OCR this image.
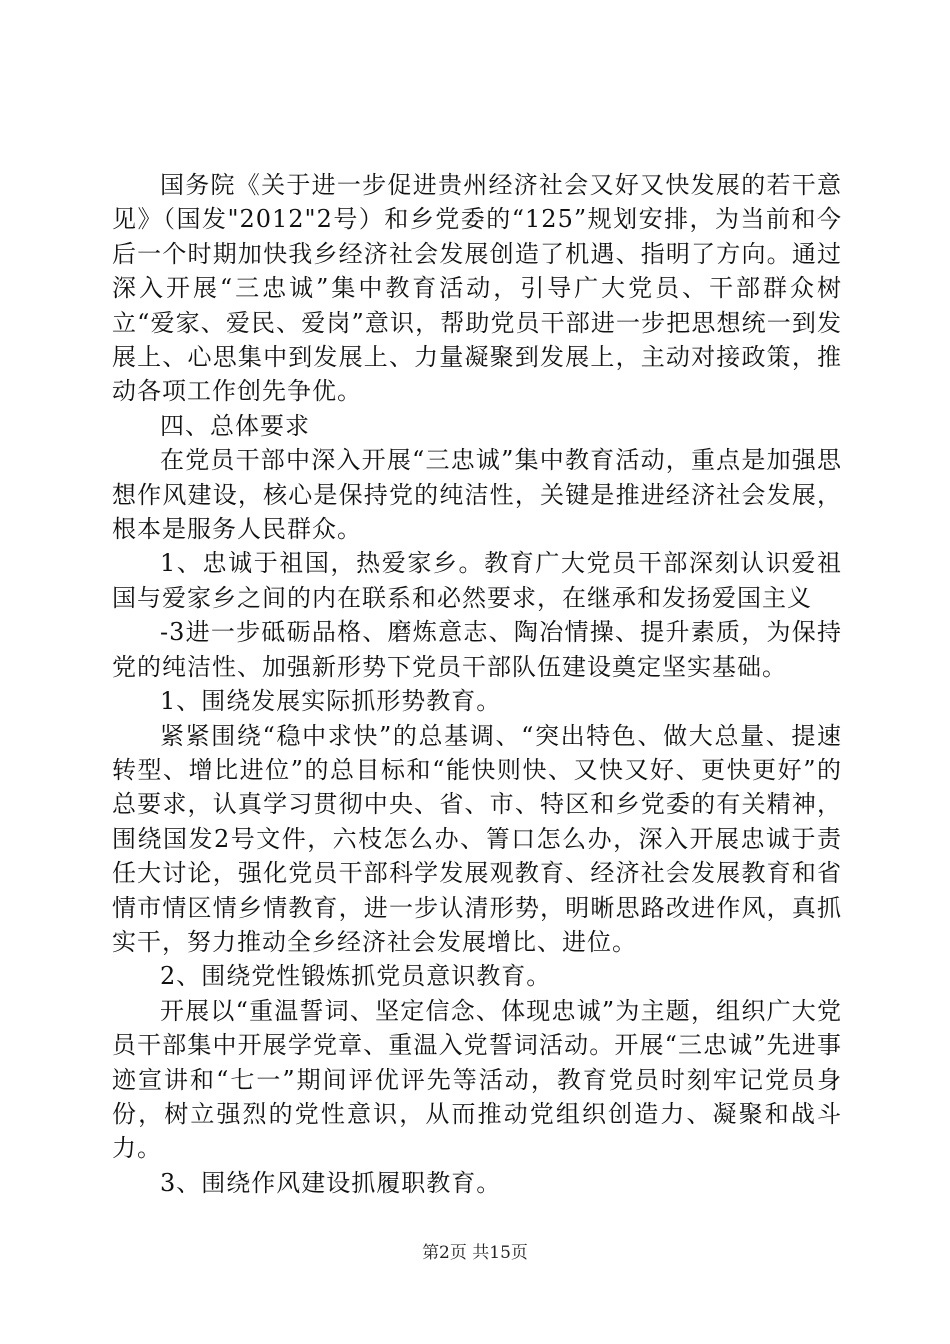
国务院《关于进一步促进贵州经济社会又好又快发展的若干意见》（国发"2012"2号）和乡党委的“125”规划安排，为当前和今后一个时期加快我乡经济社会发展创造了机遇、指明了方向。通过深入开展“三忠诚”集中教育活动，引导广大党员、干部群众树立“爱家、爱民、爱岗”意识，帮助党员干部进一步把思想统一到发展上、心思集中到发展上、力量凝聚到发展上，主动对接政策，推动各项工作创先争优。

四、总体要求

在党员干部中深入开展“三忠诚”集中教育活动，重点是加强思想作风建设，核心是保持党的纯洁性，关键是推进经济社会发展，根本是服务人民群众。

1、忠诚于祖国，热爱家乡。教育广大党员干部深刻认识爱祖国与爱家乡之间的内在联系和必然要求，在继承和发扬爱国主义

-3进一步砥砺品格、磨炼意志、陶冶情操、提升素质，为保持党的纯洁性、加强新形势下党员干部队伍建设奠定坚实基础。

1、围绕发展实际抓形势教育。

紧紧围绕“稳中求快”的总基调、“突出特色、做大总量、提速转型、增比进位”的总目标和“能快则快、又快又好、更快更好”的总要求，认真学习贯彻中央、省、市、特区和乡党委的有关精神，围绕国发2号文件，六枝怎么办、箐口怎么办，深入开展忠诚于责任大讨论，强化党员干部科学发展观教育、经济社会发展教育和省情市情区情乡情教育，进一步认清形势，明晰思路改进作风，真抓实干，努力推动全乡经济社会发展增比、进位。

2、围绕党性锻炼抓党员意识教育。

开展以“重温誓词、坚定信念、体现忠诚”为主题，组织广大党员干部集中开展学党章、重温入党誓词活动。开展“三忠诚”先进事迹宣讲和“七一”期间评优评先等活动，教育党员时刻牢记党员身份，树立强烈的党性意识，从而推动党组织创造力、凝聚和战斗力。

3、围绕作风建设抓履职教育。

第2页 共15页
